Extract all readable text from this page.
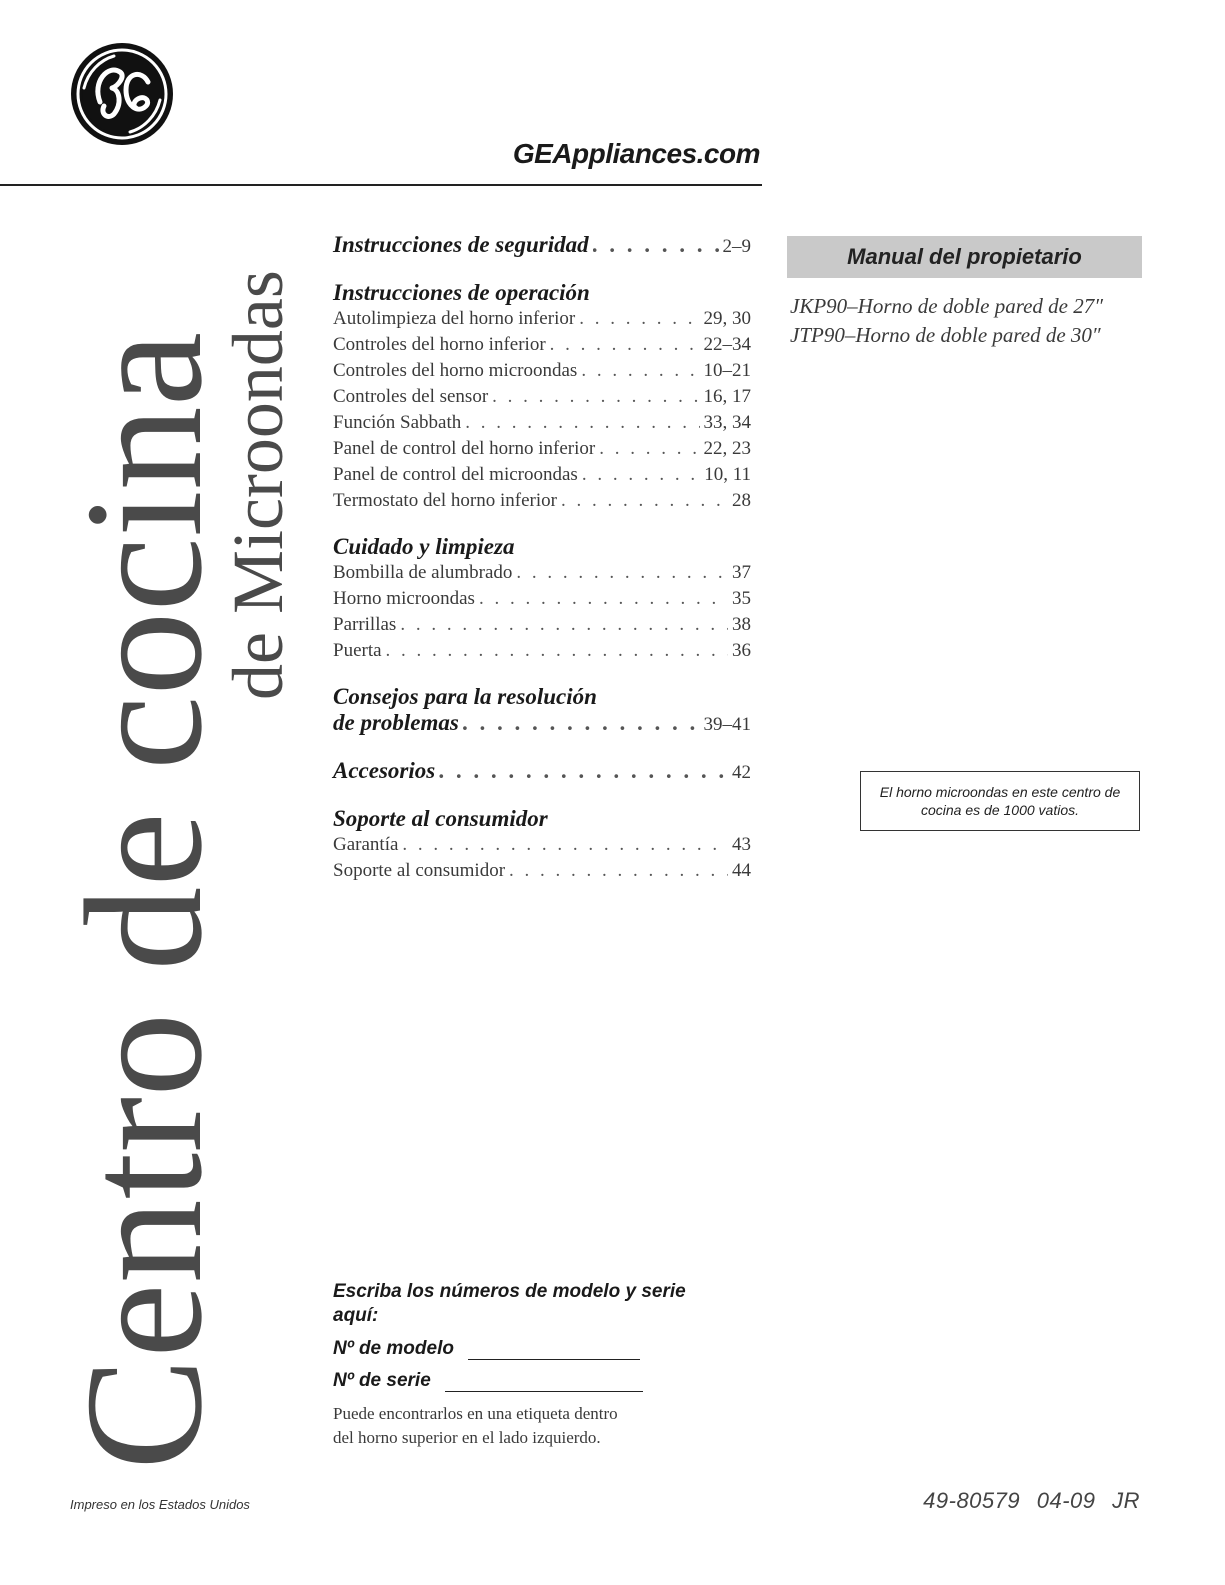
GEAppliances.com
Centro de cocina
de Microondas
Instrucciones de seguridad . . .	2–9
Instrucciones de operación
Autolimpieza del horno inferior . . .	29, 30
Controles del horno inferior . . .	22–34
Controles del horno microondas . . .	10–21
Controles del sensor . . .	16, 17
Función Sabbath . . .	33, 34
Panel de control del horno inferior . . .	22, 23
Panel de control del microondas . . .	10, 11
Termostato del horno inferior . . .	28
Cuidado y limpieza
Bombilla de alumbrado . . .	37
Horno microondas . . .	35
Parrillas . . .	38
Puerta . . .	36
Consejos para la resolución
de problemas . . .	39–41
Accesorios . . .	42
Soporte al consumidor
Garantía . . .	43
Soporte al consumidor . . .	44
Manual del propietario
JKP90–Horno de doble pared de 27″
JTP90–Horno de doble pared de 30″
El horno microondas en este centro de cocina es de 1000 vatios.
Escriba los números de modelo y serie aquí:
Nº de modelo
Nº de serie
Puede encontrarlos en una etiqueta dentro del horno superior en el lado izquierdo.
Impreso en los Estados Unidos	49-80579 04-09 JR
